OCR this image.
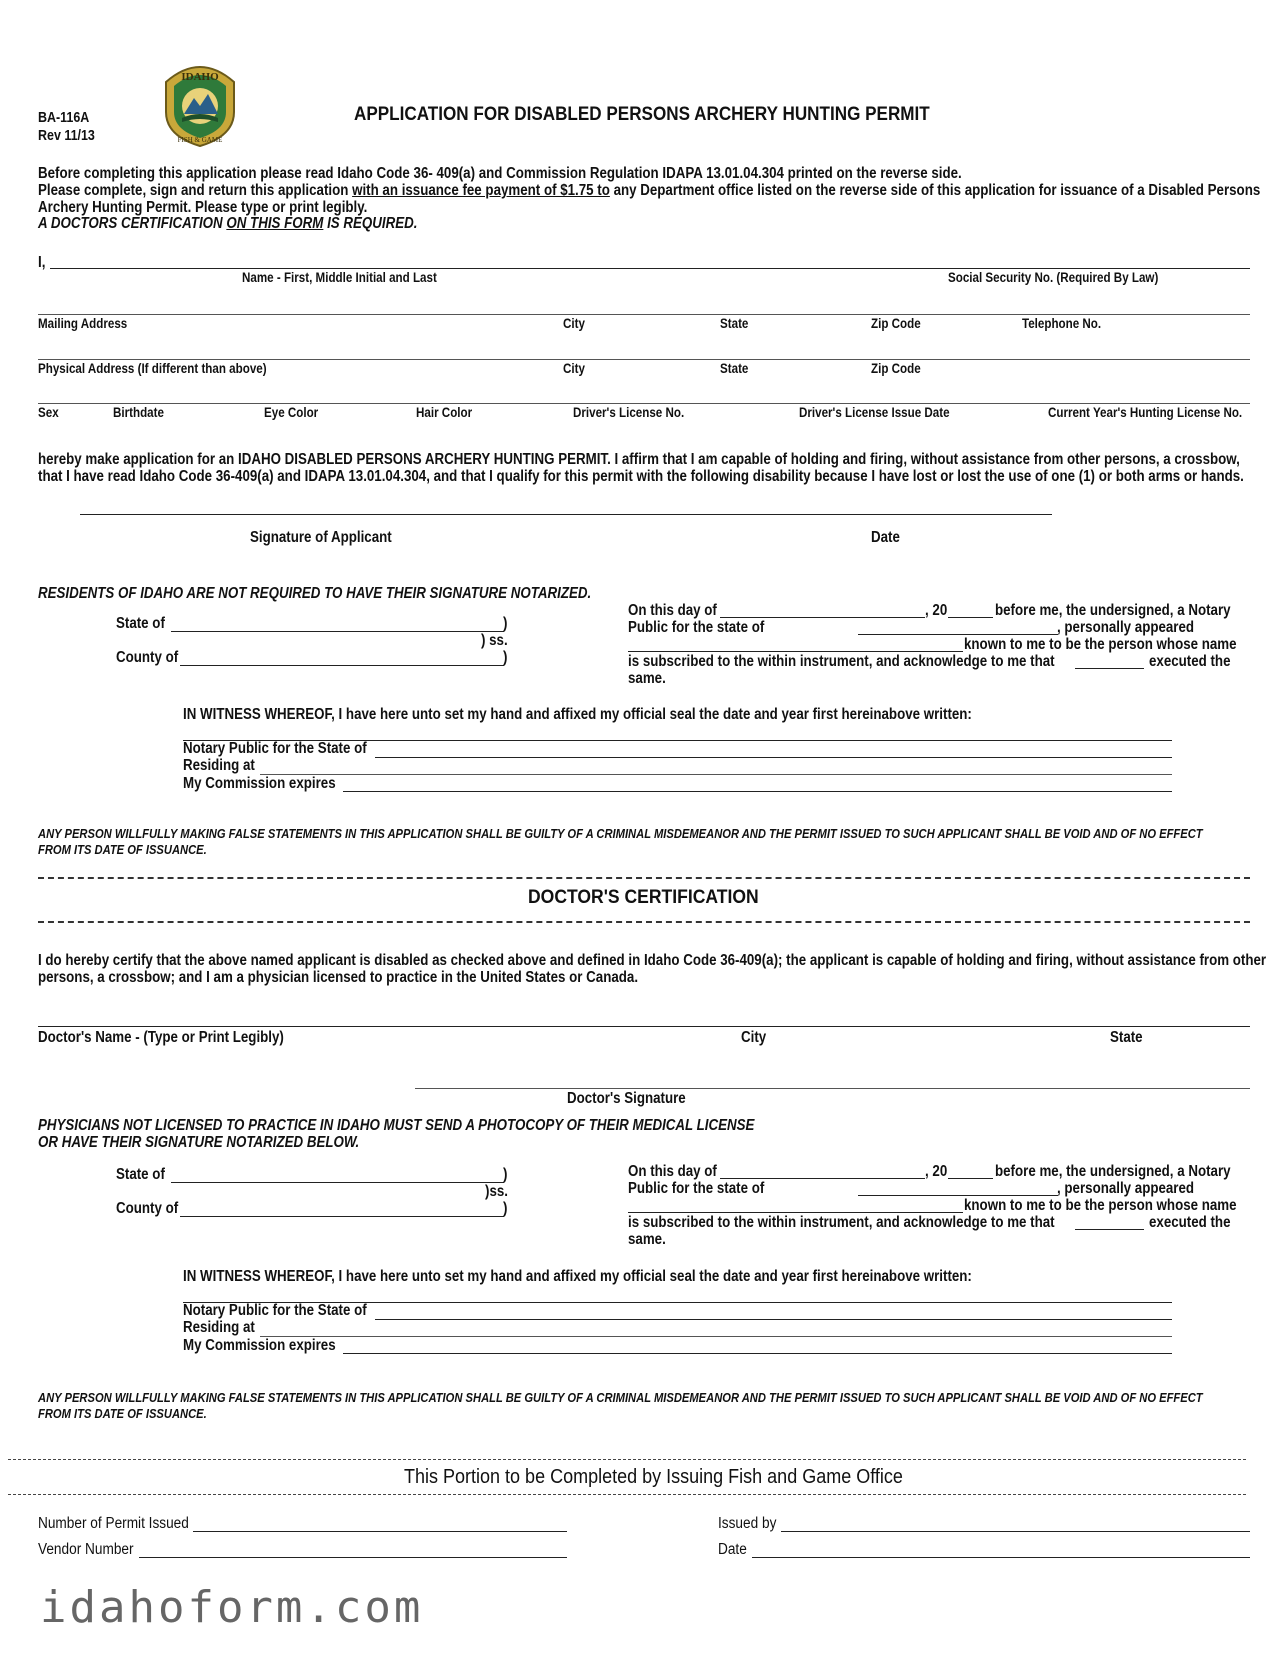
BA-116A
Rev 11/13
IDAHO
FISH & GAME
APPLICATION FOR DISABLED PERSONS ARCHERY HUNTING PERMIT
Before completing this application please read Idaho Code 36- 409(a) and Commission Regulation IDAPA 13.01.04.304 printed on the reverse side.
Please complete, sign and return this application with an issuance fee payment of $1.75 to any Department office listed on the reverse side of this application for issuance of a Disabled Persons
Archery Hunting Permit. Please type or print legibly.
A DOCTORS CERTIFICATION ON THIS FORM IS REQUIRED.
I,
Name - First, Middle Initial and Last	Social Security No. (Required By Law)
Mailing Address	City	State	Zip Code	Telephone No.
Physical Address (If different than above)	City	State	Zip Code
Sex	Birthdate	Eye Color	Hair Color	Driver's License No.	Driver's License Issue Date	Current Year's Hunting License No.
hereby make application for an IDAHO DISABLED PERSONS ARCHERY HUNTING PERMIT. I affirm that I am capable of holding and firing, without assistance from other persons, a crossbow,
that I have read Idaho Code 36-409(a) and IDAPA 13.01.04.304, and that I qualify for this permit with the following disability because I have lost or lost the use of one (1) or both arms or hands.
Signature of Applicant	Date
RESIDENTS OF IDAHO ARE NOT REQUIRED TO HAVE THEIR SIGNATURE NOTARIZED.
State of	)
) ss.
County of	)
On this day of	, 20	before me, the undersigned, a Notary
Public for the state of	, personally appeared
known to me to be the person whose name
is subscribed to the within instrument, and acknowledge to me that	executed the
same.
IN WITNESS WHEREOF, I have here unto set my hand and affixed my official seal the date and year first hereinabove written:
Notary Public for the State of
Residing at
My Commission expires
ANY PERSON WILLFULLY MAKING FALSE STATEMENTS IN THIS APPLICATION SHALL BE GUILTY OF A CRIMINAL MISDEMEANOR AND THE PERMIT ISSUED TO SUCH APPLICANT SHALL BE VOID AND OF NO EFFECT
FROM ITS DATE OF ISSUANCE.
DOCTOR'S CERTIFICATION
I do hereby certify that the above named applicant is disabled as checked above and defined in Idaho Code 36-409(a); the applicant is capable of holding and firing, without assistance from other
persons, a crossbow; and I am a physician licensed to practice in the United States or Canada.
Doctor's Name - (Type or Print Legibly)	City	State
Doctor's Signature
PHYSICIANS NOT LICENSED TO PRACTICE IN IDAHO MUST SEND A PHOTOCOPY OF THEIR MEDICAL LICENSE
OR HAVE THEIR SIGNATURE NOTARIZED BELOW.
State of	)
)ss.
County of	)
On this day of	, 20	before me, the undersigned, a Notary
Public for the state of	, personally appeared
known to me to be the person whose name
is subscribed to the within instrument, and acknowledge to me that	executed the
same.
IN WITNESS WHEREOF, I have here unto set my hand and affixed my official seal the date and year first hereinabove written:
Notary Public for the State of
Residing at
My Commission expires
ANY PERSON WILLFULLY MAKING FALSE STATEMENTS IN THIS APPLICATION SHALL BE GUILTY OF A CRIMINAL MISDEMEANOR AND THE PERMIT ISSUED TO SUCH APPLICANT SHALL BE VOID AND OF NO EFFECT
FROM ITS DATE OF ISSUANCE.
This Portion to be Completed by Issuing Fish and Game Office
Number of Permit Issued
Vendor Number
Issued by
Date
idahoform.com
